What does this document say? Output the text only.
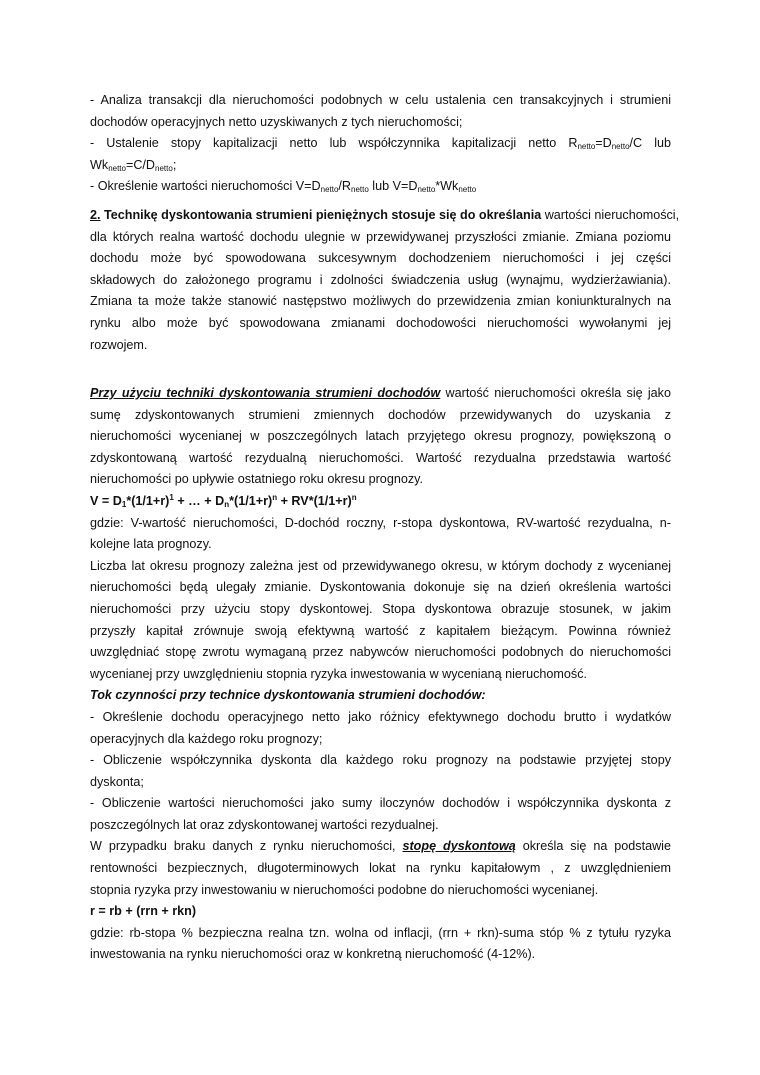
- Analiza transakcji dla nieruchomości podobnych w celu ustalenia cen transakcyjnych i strumieni
dochodów operacyjnych netto uzyskiwanych z tych nieruchomości;
- Ustalenie stopy kapitalizacji netto lub współczynnika kapitalizacji netto $R_{netto}=D_{netto}/C$ lub
$Wk_{netto}=C/D_{netto}$;
- Określenie wartości nieruchomości $V=D_{netto}/R_{netto}$ lub $V=D_{netto}*Wk_{netto}$
2. Technikę dyskontowania strumieni pieniężnych stosuje się do określania wartości nieruchomości,
dla których realna wartość dochodu ulegnie w przewidywanej przyszłości zmianie. Zmiana poziomu
dochodu może być spowodowana sukcesywnym dochodzeniem nieruchomości i jej części
składowych do założonego programu i zdolności świadczenia usług (wynajmu, wydzierżawiania).
Zmiana ta może także stanowić następstwo możliwych do przewidzenia zmian koniunkturalnych na
rynku albo może być spowodowana zmianami dochodowości nieruchomości wywołanymi jej
rozwojem.
Przy użyciu techniki dyskontowania strumieni dochodów wartość nieruchomości określa się jako
sumę zdyskontowanych strumieni zmiennych dochodów przewidywanych do uzyskania z
nieruchomości wycenianej w poszczególnych latach przyjętego okresu prognozy, powiększoną o
zdyskontowaną wartość rezydualną nieruchomości. Wartość rezydualna przedstawia wartość
nieruchomości po upływie ostatniego roku okresu prognozy.
$V = D_1*(1/1+r)^1$ + … + $D_n*(1/1+r)^n + RV*(1/1+r)^n$
gdzie: V-wartość nieruchomości, D-dochód roczny, r-stopa dyskontowa, RV-wartość rezydualna, n-
kolejne lata prognozy.
Liczba lat okresu prognozy zależna jest od przewidywanego okresu, w którym dochody z wycenianej
nieruchomości będą ulegały zmianie. Dyskontowania dokonuje się na dzień określenia wartości
nieruchomości przy użyciu stopy dyskontowej. Stopa dyskontowa obrazuje stosunek, w jakim
przyszły kapitał zrównuje swoją efektywną wartość z kapitałem bieżącym. Powinna również
uwzględniać stopę zwrotu wymaganą przez nabywców nieruchomości podobnych do nieruchomości
wycenianej przy uwzględnieniu stopnia ryzyka inwestowania w wycenianą nieruchomość.
Tok czynności przy technice dyskontowania strumieni dochodów:
- Określenie dochodu operacyjnego netto jako różnicy efektywnego dochodu brutto i wydatków
operacyjnych dla każdego roku prognozy;
- Obliczenie współczynnika dyskonta dla każdego roku prognozy na podstawie przyjętej stopy
dyskonta;
- Obliczenie wartości nieruchomości jako sumy iloczynów dochodów i współczynnika dyskonta z
poszczególnych lat oraz zdyskontowanej wartości rezydualnej.
W przypadku braku danych z rynku nieruchomości, stopę dyskontową określa się na podstawie
rentowności bezpiecznych, długoterminowych lokat na rynku kapitałowym , z uwzględnieniem
stopnia ryzyka przy inwestowaniu w nieruchomości podobne do nieruchomości wycenianej.
r = rb + (rrn + rkn)
gdzie: rb-stopa % bezpieczna realna tzn. wolna od inflacji, (rrn + rkn)-suma stóp % z tytułu ryzyka
inwestowania na rynku nieruchomości oraz w konkretną nieruchomość (4-12%).
